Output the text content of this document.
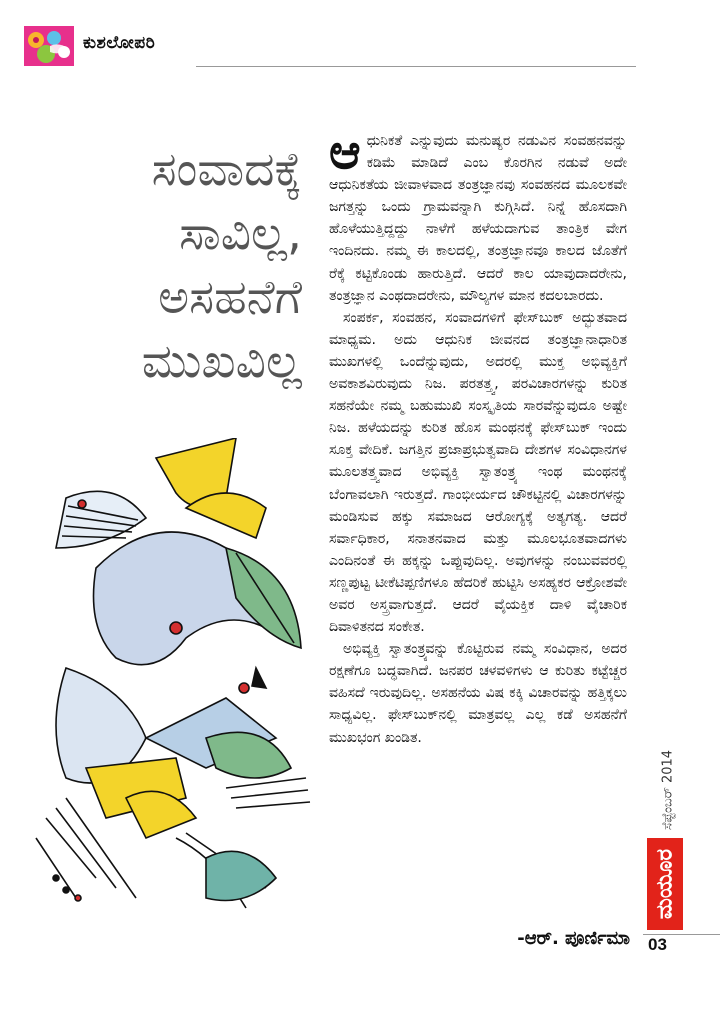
ಕುಶಲೋಪರಿ
ಸಂವಾದಕ್ಕೆ
ಸಾವಿಲ್ಲ,
ಅಸಹನೆಗೆ
ಮುಖವಿಲ್ಲ

ಆಧುನಿಕತೆ ಎನ್ನುವುದು ಮನುಷ್ಯರ ನಡುವಿನ ಸಂವಹನವನ್ನು ಕಡಿಮೆ ಮಾಡಿದೆ ಎಂಬ ಕೊರಗಿನ ನಡುವೆ ಅದೇ ಆಧುನಿಕತೆಯ ಜೀವಾಳವಾದ ತಂತ್ರಜ್ಞಾನವು ಸಂವಹನದ ಮೂಲಕವೇ ಜಗತ್ತನ್ನು ಒಂದು ಗ್ರಾಮವನ್ನಾಗಿ ಕುಗ್ಗಿಸಿದೆ. ನಿನ್ನೆ ಹೊಸದಾಗಿ ಹೊಳೆಯುತ್ತಿದ್ದದ್ದು ನಾಳೆಗೆ ಹಳೆಯದಾಗುವ ತಾಂತ್ರಿಕ ವೇಗ ಇಂದಿನದು. ನಮ್ಮ ಈ ಕಾಲದಲ್ಲಿ, ತಂತ್ರಜ್ಞಾನವೂ ಕಾಲದ ಜೊತೆಗೆ ರೆಕ್ಕೆ ಕಟ್ಟಿಕೊಂಡು ಹಾರುತ್ತಿದೆ. ಆದರೆ ಕಾಲ ಯಾವುದಾದರೇನು, ತಂತ್ರಜ್ಞಾನ ಎಂಥದಾದರೇನು, ಮೌಲ್ಯಗಳ ಮಾನ ಕದಲಬಾರದು.

ಸಂಪರ್ಕ, ಸಂವಹನ, ಸಂವಾದಗಳಿಗೆ ಫೇಸ್‌ಬುಕ್ ಅದ್ಭುತವಾದ ಮಾಧ್ಯಮ. ಅದು ಆಧುನಿಕ ಜೀವನದ ತಂತ್ರಜ್ಞಾನಾಧಾರಿತ ಮುಖಗಳಲ್ಲಿ ಒಂದೆನ್ನುವುದು, ಅದರಲ್ಲಿ ಮುಕ್ತ ಅಭಿವ್ಯಕ್ತಿಗೆ ಅವಕಾಶವಿರುವುದು ನಿಜ. ಪರತತ್ತ್ವ, ಪರವಿಚಾರಗಳನ್ನು ಕುರಿತ ಸಹನೆಯೇ ನಮ್ಮ ಬಹುಮುಖಿ ಸಂಸ್ಕೃತಿಯ ಸಾರವೆನ್ನುವುದೂ ಅಷ್ಟೇ ನಿಜ. ಹಳೆಯದನ್ನು ಕುರಿತ ಹೊಸ ಮಂಥನಕ್ಕೆ ಫೇಸ್‌ಬುಕ್ ಇಂದು ಸೂಕ್ತ ವೇದಿಕೆ. ಜಗತ್ತಿನ ಪ್ರಜಾಪ್ರಭುತ್ವವಾದಿ ದೇಶಗಳ ಸಂವಿಧಾನಗಳ ಮೂಲತತ್ತ್ವವಾದ ಅಭಿವ್ಯಕ್ತಿ ಸ್ವಾತಂತ್ರ್ಯ ಇಂಥ ಮಂಥನಕ್ಕೆ ಬೆಂಗಾವಲಾಗಿ ಇರುತ್ತದೆ. ಗಾಂಭೀರ್ಯದ ಚೌಕಟ್ಟಿನಲ್ಲಿ ವಿಚಾರಗಳನ್ನು ಮಂಡಿಸುವ ಹಕ್ಕು ಸಮಾಜದ ಆರೋಗ್ಯಕ್ಕೆ ಅತ್ಯಗತ್ಯ. ಆದರೆ ಸರ್ವಾಧಿಕಾರ, ಸನಾತನವಾದ ಮತ್ತು ಮೂಲಭೂತವಾದಗಳು ಎಂದಿನಂತೆ ಈ ಹಕ್ಕನ್ನು ಒಪ್ಪುವುದಿಲ್ಲ. ಅವುಗಳನ್ನು ನಂಬುವವರಲ್ಲಿ ಸಣ್ಣಪುಟ್ಟ ಟೀಕೆಟಿಪ್ಪಣಿಗಳೂ ಹೆದರಿಕೆ ಹುಟ್ಟಿಸಿ ಅಸಹ್ಯಕರ ಆಕ್ರೋಶವೇ ಅವರ ಅಸ್ತ್ರವಾಗುತ್ತದೆ. ಆದರೆ ವೈಯಕ್ತಿಕ ದಾಳಿ ವೈಚಾರಿಕ ದಿವಾಳಿತನದ ಸಂಕೇತ.

ಅಭಿವ್ಯಕ್ತಿ ಸ್ವಾತಂತ್ರ್ಯವನ್ನು ಕೊಟ್ಟಿರುವ ನಮ್ಮ ಸಂವಿಧಾನ, ಅದರ ರಕ್ಷಣೆಗೂ ಬದ್ಧವಾಗಿದೆ. ಜನಪರ ಚಳವಳಿಗಳು ಆ ಕುರಿತು ಕಟ್ಟೆಚ್ಚರ ವಹಿಸದೆ ಇರುವುದಿಲ್ಲ. ಅಸಹನೆಯ ವಿಷ ಕಕ್ಕಿ ವಿಚಾರವನ್ನು ಹತ್ತಿಕ್ಕಲು ಸಾಧ್ಯವಿಲ್ಲ. ಫೇಸ್‌ಬುಕ್‌ನಲ್ಲಿ ಮಾತ್ರವಲ್ಲ ಎಲ್ಲ ಕಡೆ ಅಸಹನೆಗೆ ಮುಖಭಂಗ ಖಂಡಿತ.

-ಆರ್. ಪೂರ್ಣಿಮಾ
ಸೆಪ್ಟೆಂಬರ್ 2014
ಮಯೂರ
03
